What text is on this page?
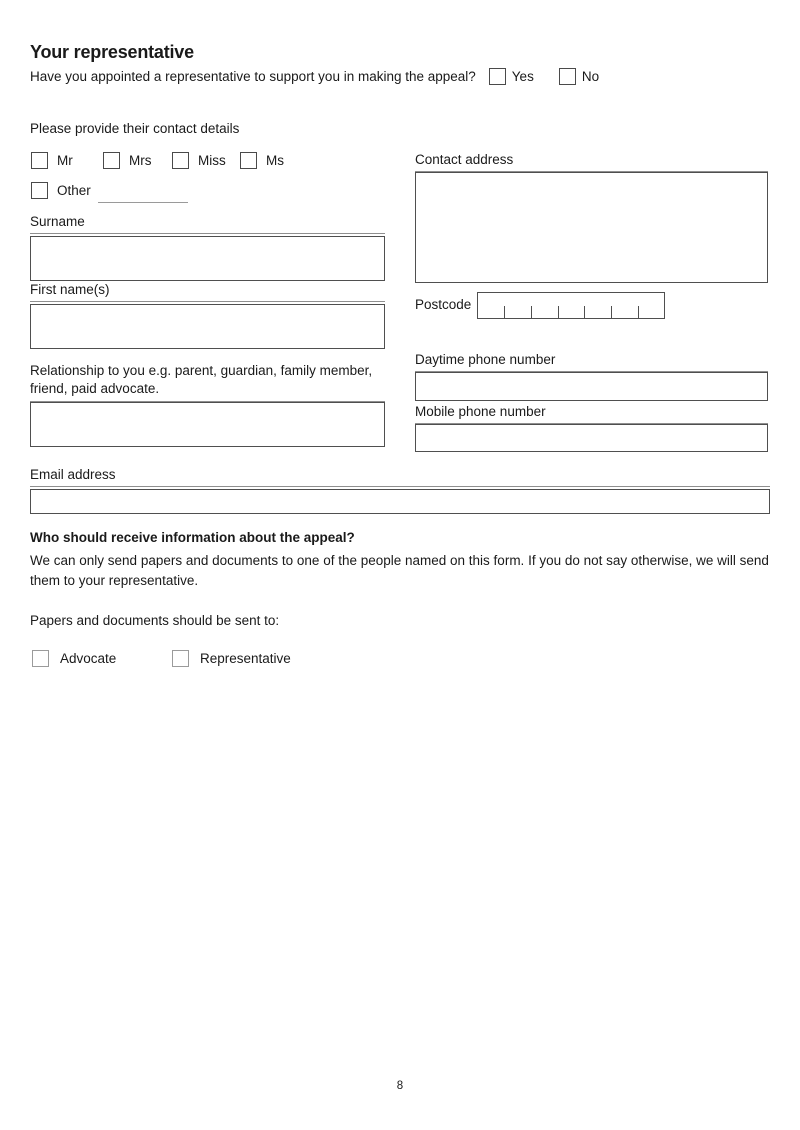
Your representative
Have you appointed a representative to support you in making the appeal?	Yes	No
Please provide their contact details
Mr	Mrs	Miss	Ms
Other
Surname
First name(s)
Relationship to you e.g. parent, guardian, family member, friend, paid advocate.
Contact address
Postcode
Daytime phone number
Mobile phone number
Email address
Who should receive information about the appeal?
We can only send papers and documents to one of the people named on this form. If you do not say otherwise, we will send them to your representative.
Papers and documents should be sent to:
Advocate	Representative
8
